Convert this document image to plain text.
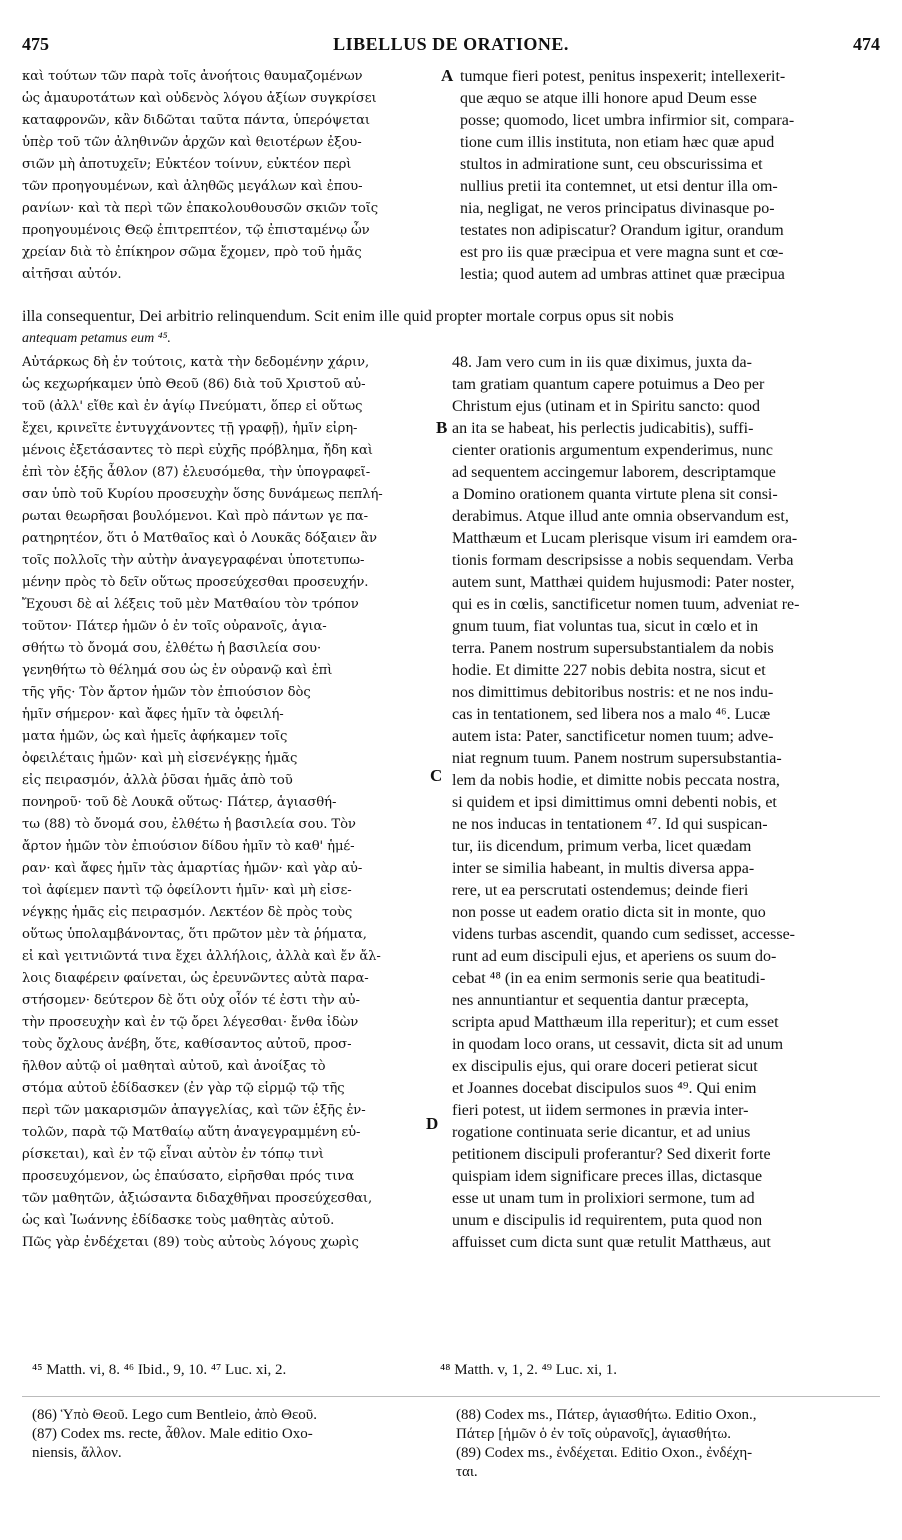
475	LIBELLUS DE ORATIONE.	474
καὶ τούτων τῶν παρὰ τοῖς ἀνοήτοις θαυμαζομένων
ὡς ἀμαυροτάτων καὶ οὐδενὸς λόγου ἀξίων συγκρίσει
καταφρονῶν, κἂν διδῶται ταῦτα πάντα, ὑπερόψεται
ὑπὲρ τοῦ τῶν ἀληθινῶν ἀρχῶν καὶ θειοτέρων ἐξου-
σιῶν μὴ ἀποτυχεῖν; Εὐκτέον τοίνυν, εὐκτέον περὶ
τῶν προηγουμένων, καὶ ἀληθῶς μεγάλων καὶ ἐπου-
ρανίων· καὶ τὰ περὶ τῶν ἐπακολουθουσῶν σκιῶν τοῖς
προηγουμένοις Θεῷ ἐπιτρεπτέον, τῷ ἐπισταμένῳ ὧν
χρείαν διὰ τὸ ἐπίκηρον σῶμα ἔχομεν, πρὸ τοῦ ἡμᾶς
αἰτῆσαι αὐτόν.
tumque fieri potest, penitus inspexerit; intellexerit-
que æquo se atque illi honore apud Deum esse
posse; quomodo, licet umbra infirmior sit, compara-
tione cum illis instituta, non etiam hæc quæ apud
stultos in admiratione sunt, ceu obscurissima et
nullius pretii ita contemnet, ut etsi dentur illa om-
nia, negligat, ne veros principatus divinasque po-
testates non adipiscatur? Orandum igitur, orandum
est pro iis quæ præcipua et vere magna sunt et cœ-
lestia; quod autem ad umbras attinet quæ præcipua
A
illa consequentur, Dei arbitrio relinquendum. Scit enim ille quid propter mortale corpus opus sit nobis
antequam petamus eum ⁴⁵.
Αὐτάρκως δὴ ἐν τούτοις, κατὰ τὴν δεδομένην χάριν,
ὡς κεχωρήκαμεν ὑπὸ Θεοῦ (86) διὰ τοῦ Χριστοῦ αὐ-
τοῦ (ἀλλ' εἴθε καὶ ἐν ἁγίῳ Πνεύματι, ὅπερ εἰ οὕτως
ἔχει, κρινεῖτε ἐντυγχάνοντες τῇ γραφῇ), ἡμῖν εἰρη-
μένοις ἐξετάσαντες τὸ περὶ εὐχῆς πρόβλημα, ἤδη καὶ
ἐπὶ τὸν ἑξῆς ἆθλον (87) ἐλευσόμεθα, τὴν ὑπογραφεῖ-
σαν ὑπὸ τοῦ Κυρίου προσευχὴν ὅσης δυνάμεως πεπλή-
ρωται θεωρῆσαι βουλόμενοι. Καὶ πρὸ πάντων γε πα-
ρατηρητέον, ὅτι ὁ Ματθαῖος καὶ ὁ Λουκᾶς δόξαιεν ἂν
τοῖς πολλοῖς τὴν αὐτὴν ἀναγεγραφέναι ὑποτετυπω-
μένην πρὸς τὸ δεῖν οὕτως προσεύχεσθαι προσευχήν.
Ἔχουσι δὲ αἱ λέξεις τοῦ μὲν Ματθαίου τὸν τρόπον
τοῦτον· Πάτερ ἡμῶν ὁ ἐν τοῖς οὐρανοῖς, ἁγια-
σθήτω τὸ ὄνομά σου, ἐλθέτω ἡ βασιλεία σου·
γενηθήτω τὸ θέλημά σου ὡς ἐν οὐρανῷ καὶ ἐπὶ
τῆς γῆς· Τὸν ἄρτον ἡμῶν τὸν ἐπιούσιον δὸς
ἡμῖν σήμερον· καὶ ἄφες ἡμῖν τὰ ὀφειλή-
ματα ἡμῶν, ὡς καὶ ἡμεῖς ἀφήκαμεν τοῖς
ὀφειλέταις ἡμῶν· καὶ μὴ εἰσενέγκῃς ἡμᾶς
εἰς πειρασμόν, ἀλλὰ ῥῦσαι ἡμᾶς ἀπὸ τοῦ
πονηροῦ· τοῦ δὲ Λουκᾶ οὕτως· Πάτερ, ἁγιασθή-
τω (88) τὸ ὄνομά σου, ἐλθέτω ἡ βασιλεία σου. Τὸν
ἄρτον ἡμῶν τὸν ἐπιούσιον δίδου ἡμῖν τὸ καθ' ἡμέ-
ραν· καὶ ἄφες ἡμῖν τὰς ἁμαρτίας ἡμῶν· καὶ γὰρ αὐ-
τοὶ ἀφίεμεν παντὶ τῷ ὀφείλοντι ἡμῖν· καὶ μὴ εἰσε-
νέγκῃς ἡμᾶς εἰς πειρασμόν. Λεκτέον δὲ πρὸς τοὺς
οὕτως ὑπολαμβάνοντας, ὅτι πρῶτον μὲν τὰ ῥήματα,
εἰ καὶ γειτνιῶντά τινα ἔχει ἀλλήλοις, ἀλλὰ καὶ ἔν ἄλ-
λοις διαφέρειν φαίνεται, ὡς ἐρευνῶντες αὐτὰ παρα-
στήσομεν· δεύτερον δὲ ὅτι οὐχ οἷόν τέ ἐστι τὴν αὐ-
τὴν προσευχὴν καὶ ἐν τῷ ὄρει λέγεσθαι· ἔνθα ἰδὼν
τοὺς ὄχλους ἀνέβη, ὅτε, καθίσαντος αὐτοῦ, προσ-
ῆλθον αὐτῷ οἱ μαθηταὶ αὐτοῦ, καὶ ἀνοίξας τὸ
στόμα αὐτοῦ ἐδίδασκεν (ἐν γὰρ τῷ εἱρμῷ τῷ τῆς
περὶ τῶν μακαρισμῶν ἀπαγγελίας, καὶ τῶν ἑξῆς ἐν-
τολῶν, παρὰ τῷ Ματθαίῳ αὕτη ἀναγεγραμμένη εὑ-
ρίσκεται), καὶ ἐν τῷ εἶναι αὐτὸν ἐν τόπῳ τινὶ
προσευχόμενον, ὡς ἐπαύσατο, εἰρῆσθαι πρός τινα
τῶν μαθητῶν, ἀξιώσαντα διδαχθῆναι προσεύχεσθαι,
ὡς καὶ Ἰωάννης ἐδίδασκε τοὺς μαθητὰς αὐτοῦ.
Πῶς γὰρ ἐνδέχεται (89) τοὺς αὐτοὺς λόγους χωρὶς
48. Jam vero cum in iis quæ diximus, juxta da-
tam gratiam quantum capere potuimus a Deo per
Christum ejus (utinam et in Spiritu sancto: quod
an ita se habeat, his perlectis judicabitis), suffi-
cienter orationis argumentum expenderimus, nunc
ad sequentem accingemur laborem, descriptamque
a Domino orationem quanta virtute plena sit consi-
derabimus. Atque illud ante omnia observandum est,
Matthæum et Lucam plerisque visum iri eamdem ora-
tionis formam descripsisse a nobis sequendam. Verba
autem sunt, Matthæi quidem hujusmodi: Pater noster,
qui es in cœlis, sanctificetur nomen tuum, adveniat re-
gnum tuum, fiat voluntas tua, sicut in cœlo et in
terra. Panem nostrum supersubstantialem da nobis
hodie. Et dimitte 227 nobis debita nostra, sicut et
nos dimittimus debitoribus nostris: et ne nos indu-
cas in tentationem, sed libera nos a malo ⁴⁶. Lucæ
autem ista: Pater, sanctificetur nomen tuum; adve-
niat regnum tuum. Panem nostrum supersubstantia-
lem da nobis hodie, et dimitte nobis peccata nostra,
si quidem et ipsi dimittimus omni debenti nobis, et
ne nos inducas in tentationem ⁴⁷. Id qui suspican-
tur, iis dicendum, primum verba, licet quædam
inter se similia habeant, in multis diversa appa-
rere, ut ea perscrutati ostendemus; deinde fieri
non posse ut eadem oratio dicta sit in monte, quo
videns turbas ascendit, quando cum sedisset, accesse-
runt ad eum discipuli ejus, et aperiens os suum do-
cebat ⁴⁸ (in ea enim sermonis serie qua beatitudi-
nes annuntiantur et sequentia dantur præcepta,
scripta apud Matthæum illa reperitur); et cum esset
in quodam loco orans, ut cessavit, dicta sit ad unum
ex discipulis ejus, qui orare doceri petierat sicut
et Joannes docebat discipulos suos ⁴⁹. Qui enim
fieri potest, ut iidem sermones in prævia inter-
rogatione continuata serie dicantur, et ad unius
petitionem discipuli proferantur? Sed dixerit forte
quispiam idem significare preces illas, dictasque
esse ut unam tum in prolixiori sermone, tum ad
unum e discipulis id requirentem, puta quod non
affuisset cum dicta sunt quæ retulit Matthæus, aut
B
C
D
⁴⁵ Matth. vi, 8. ⁴⁶ Ibid., 9, 10. ⁴⁷ Luc. xi, 2.	⁴⁸ Matth. v, 1, 2. ⁴⁹ Luc. xi, 1.
(86) Ὑπὸ Θεοῦ. Lego cum Bentleio, ἀπὸ Θεοῦ.
(87) Codex ms. recte, ἆθλον. Male editio Oxo-
niensis, ἄλλον.
(88) Codex ms., Πάτερ, ἁγιασθήτω. Editio Oxon.,
Πάτερ [ἡμῶν ὁ ἐν τοῖς οὐρανοῖς], ἁγιασθήτω.
(89) Codex ms., ἐνδέχεται. Editio Oxon., ἐνδέχη-
ται.
